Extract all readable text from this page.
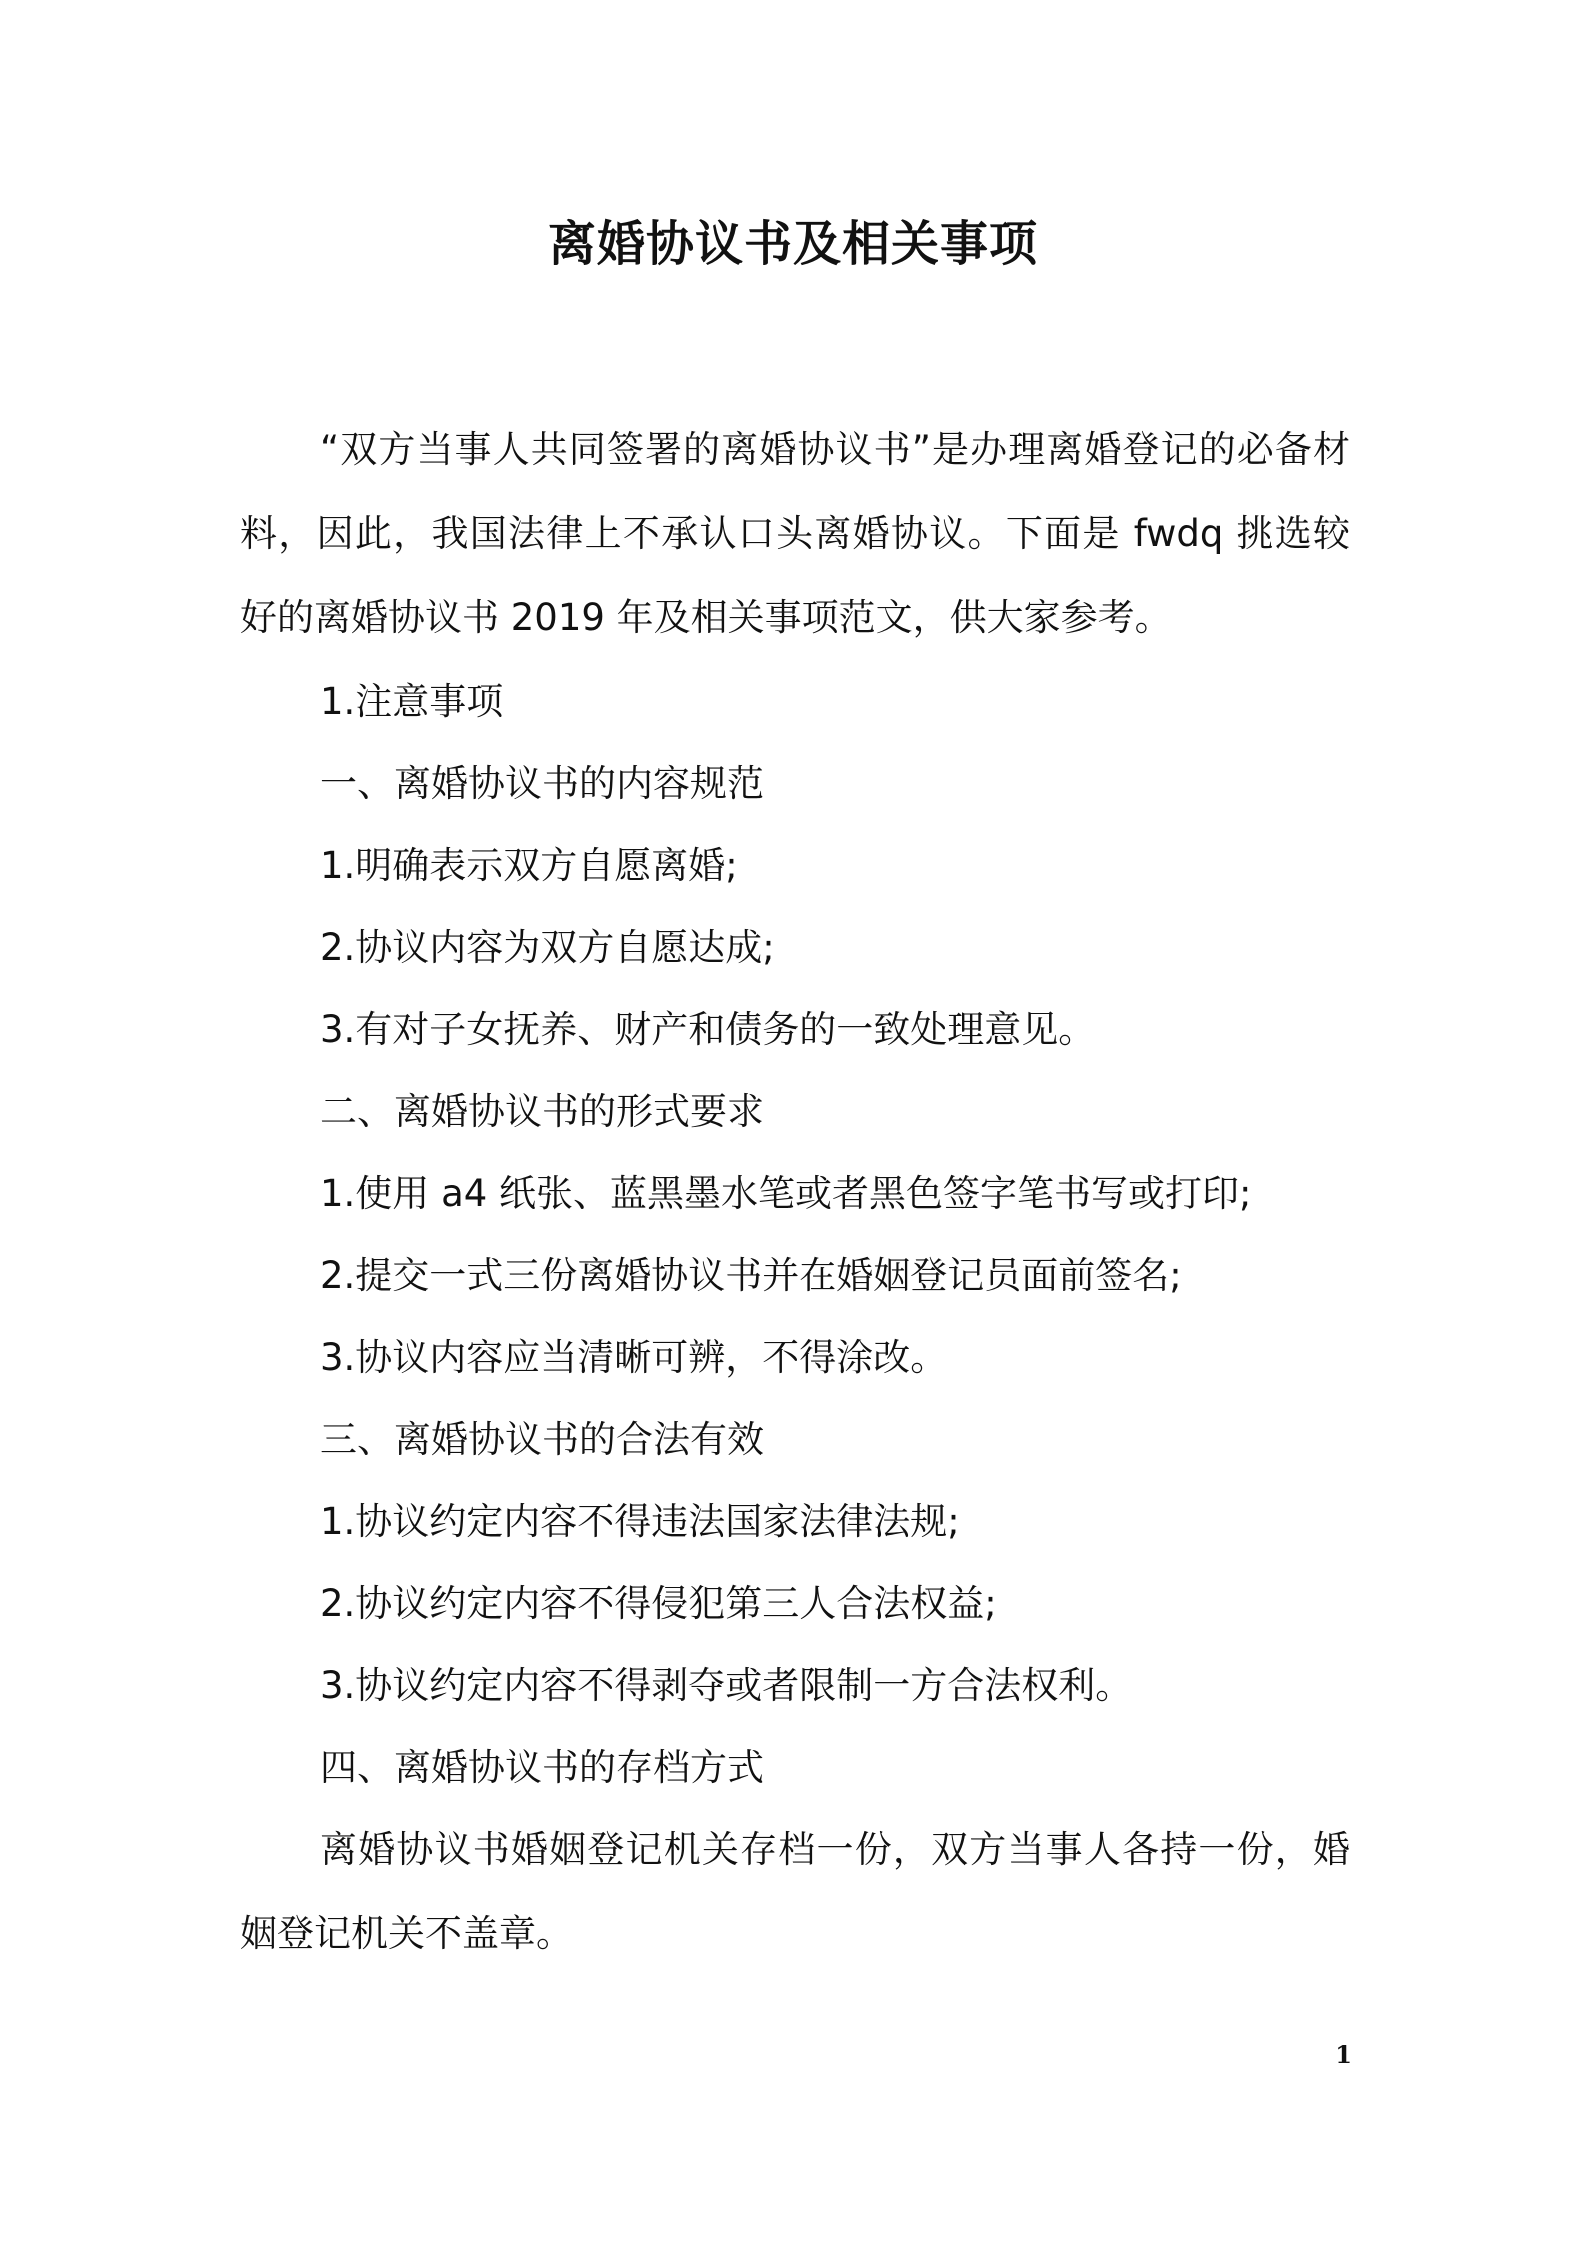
离婚协议书及相关事项
“双方当事人共同签署的离婚协议书”是办理离婚登记的必备材料，因此，我国法律上不承认口头离婚协议。下面是 fwdq 挑选较好的离婚协议书 2019 年及相关事项范文，供大家参考。
1.注意事项
一、离婚协议书的内容规范
1.明确表示双方自愿离婚;
2.协议内容为双方自愿达成;
3.有对子女抚养、财产和债务的一致处理意见。
二、离婚协议书的形式要求
1.使用 a4 纸张、蓝黑墨水笔或者黑色签字笔书写或打印;
2.提交一式三份离婚协议书并在婚姻登记员面前签名;
3.协议内容应当清晰可辨，不得涂改。
三、离婚协议书的合法有效
1.协议约定内容不得违法国家法律法规;
2.协议约定内容不得侵犯第三人合法权益;
3.协议约定内容不得剥夺或者限制一方合法权利。
四、离婚协议书的存档方式
离婚协议书婚姻登记机关存档一份，双方当事人各持一份，婚姻登记机关不盖章。
1
